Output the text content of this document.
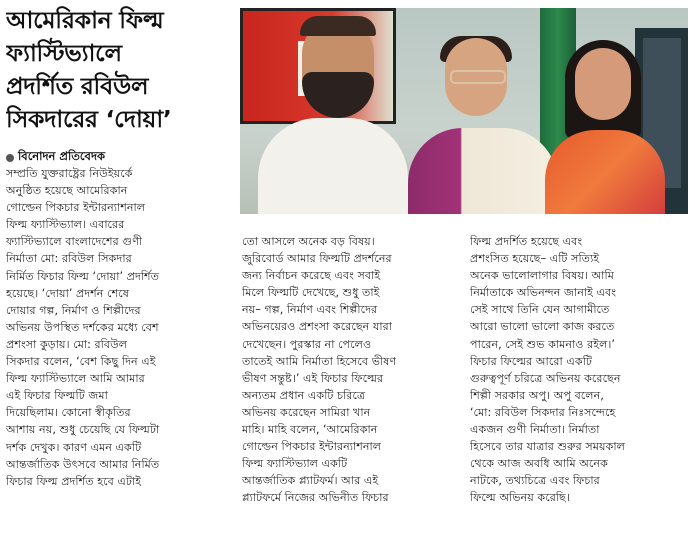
আমেরিকান ফিল্ম
ফ্যাস্টিভ্যালে
প্রদর্শিত রবিউল
সিকদারের ‘দোয়া’
বিনোদন প্রতিবেদক
সম্প্রতি যুক্তরাষ্ট্রের নিউইয়র্কে
অনুষ্ঠিত হয়েছে আমেরিকান
গোল্ডেন পিকচার ইন্টারন্যাশনাল
ফিল্ম ফ্যাস্টিভ্যাল। এবারের
ফ্যাস্টিভ্যালে বাংলাদেশের গুণী
নির্মাতা মো: রবিউল সিকদার
নির্মিত ফিচার ফিল্ম ‘দোয়া’ প্রদর্শিত
হয়েছে। ‘দোয়া’ প্রদর্শন শেষে
দোয়ার গল্প, নির্মাণ ও শিল্পীদের
অভিনয় উপস্থিত দর্শকের মধ্যে বেশ
প্রশংসা কুড়ায়। মো: রবিউল
সিকদার বলেন, ‘বেশ কিছু দিন এই
ফিল্ম ফ্যাস্টিভ্যালে আমি আমার
এই ফিচার ফিল্মটি জমা
দিয়েছিলাম। কোনো স্বীকৃতির
আশায় নয়, শুধু চেয়েছি যে ফিল্মটা
দর্শক দেখুক। কারণ এমন একটি
আন্তর্জাতিক উৎসবে আমার নির্মিত
ফিচার ফিল্ম প্রদর্শিত হবে এটাই
তো আসলে অনেক বড় বিষয়।
জুরিবোর্ড আমার ফিল্মটি প্রদর্শনের
জন্য নির্বাচন করেছে এবং সবাই
মিলে ফিল্মটি দেখেছে, শুধু তাই
নয়– গল্প, নির্মাণ এবং শিল্পীদের
অভিনয়েরও প্রশংসা করেছেন যারা
দেখেছেন। পুরস্কার না পেলেও
তাতেই আমি নির্মাতা হিসেবে ভীষণ
ভীষণ সন্তুষ্ট।’ এই ফিচার ফিল্মের
অন্যতম প্রধান একটি চরিত্রে
অভিনয় করেছেন সামিরা খান
মাহি। মাহি বলেন, ‘আমেরিকান
গোল্ডেন পিকচার ইন্টারন্যাশনাল
ফিল্ম ফ্যাস্টিভ্যাল একটি
আন্তর্জাতিক প্ল্যাটফর্ম। আর এই
প্ল্যাটফর্মে নিজের অভিনীত ফিচার
ফিল্ম প্রদর্শিত হয়েছে এবং
প্রশংসিত হয়েছে– এটি সত্যিই
অনেক ভালোলাগার বিষয়। আমি
নির্মাতাকে অভিনন্দন জানাই এবং
সেই সাথে তিনি যেন আগামীতে
আরো ভালো ভালো কাজ করতে
পারেন, সেই শুভ কামনাও রইল।’
ফিচার ফিল্মের আরো একটি
গুরুত্বপূর্ণ চরিত্রে অভিনয় করেছেন
শিল্পী সরকার অপু। অপু বলেন,
‘মো: রবিউল সিকদার নিঃসন্দেহে
একজন গুণী নির্মাতা। নির্মাতা
হিসেবে তার যাত্রার শুরুর সময়কাল
থেকে আজ অবধি আমি অনেক
নাটকে, তথ্যচিত্রে এবং ফিচার
ফিল্মে অভিনয় করেছি।
